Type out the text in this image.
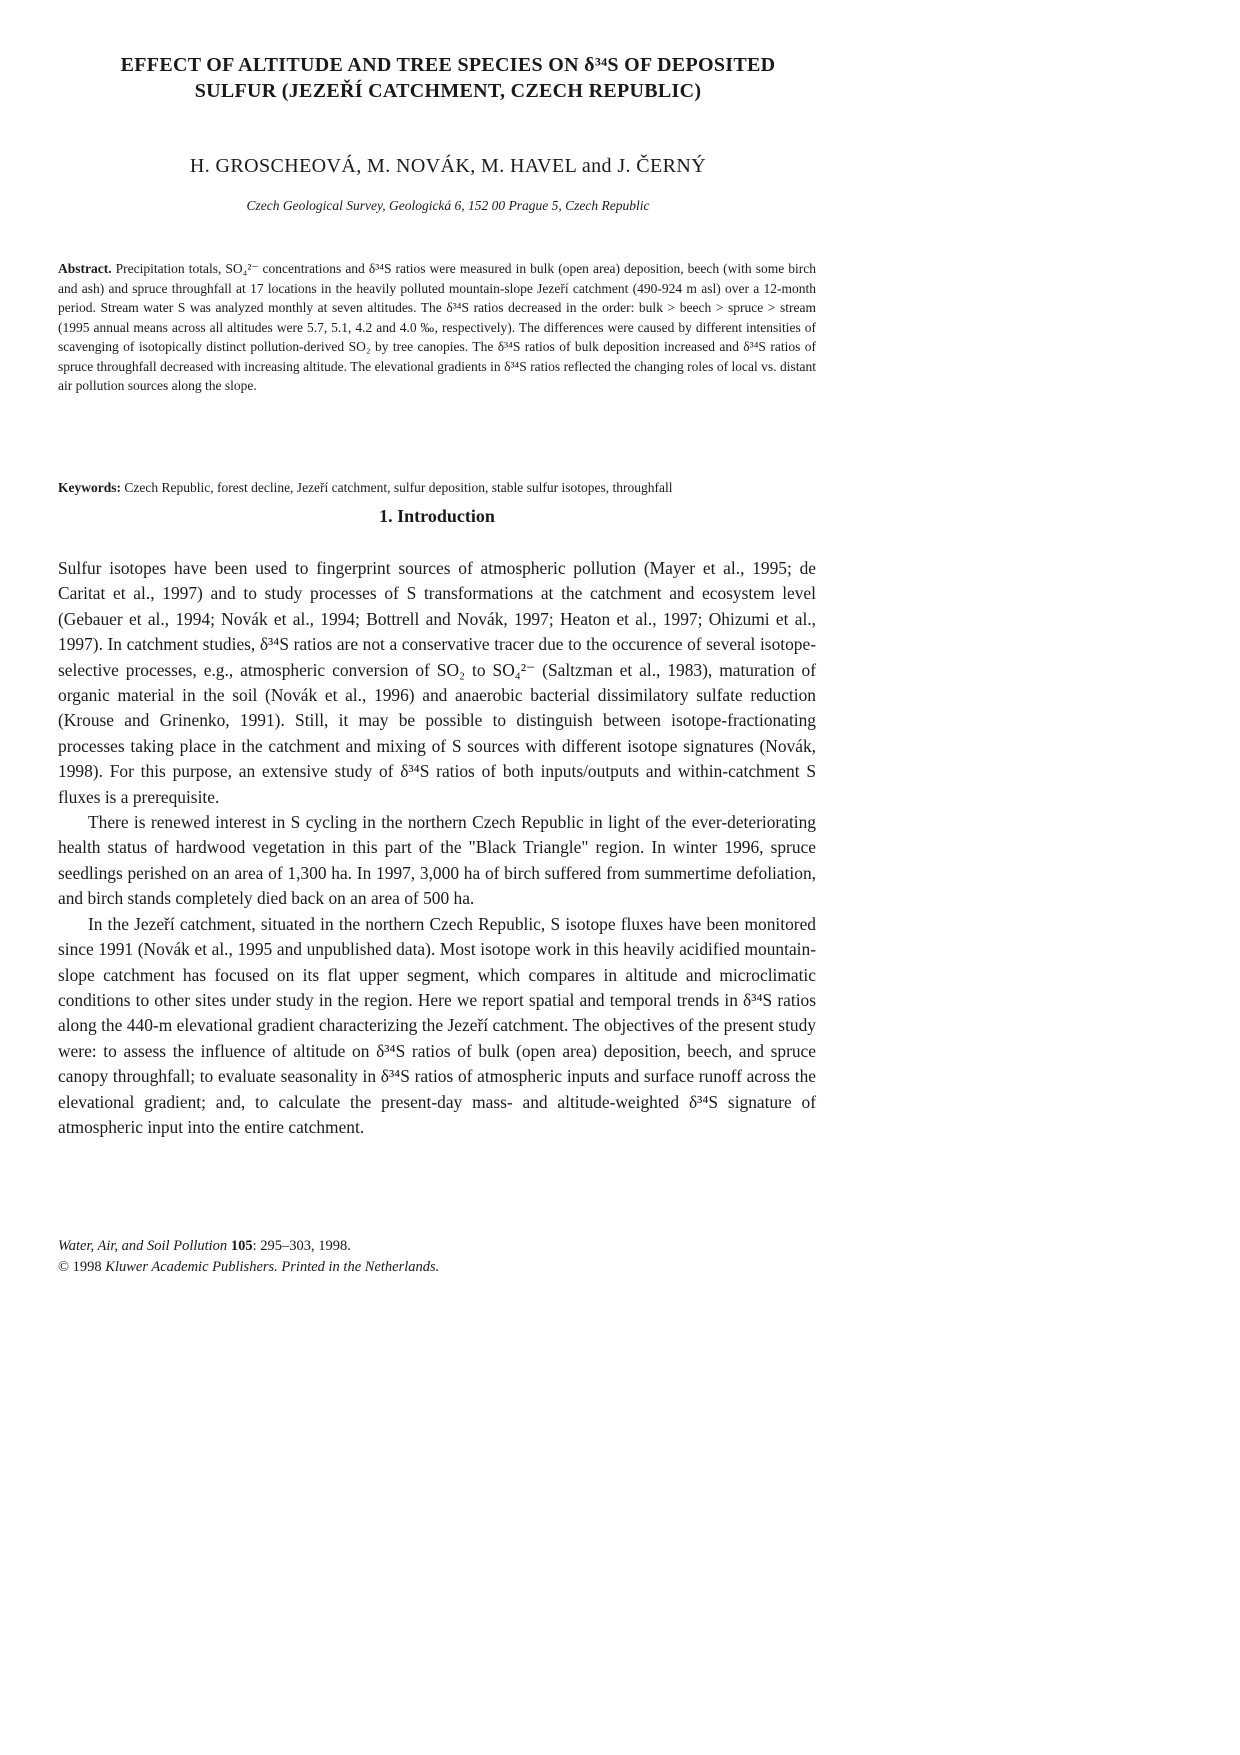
EFFECT OF ALTITUDE AND TREE SPECIES ON δ³⁴S OF DEPOSITED
SULFUR (JEZEŘÍ CATCHMENT, CZECH REPUBLIC)
H. GROSCHEOVÁ, M. NOVÁK, M. HAVEL and J. ČERNÝ
Czech Geological Survey, Geologická 6, 152 00 Prague 5, Czech Republic
Abstract. Precipitation totals, SO₄²⁻ concentrations and δ³⁴S ratios were measured in bulk (open area) deposition, beech (with some birch and ash) and spruce throughfall at 17 locations in the heavily polluted mountain-slope Jezeří catchment (490-924 m asl) over a 12-month period. Stream water S was analyzed monthly at seven altitudes. The δ³⁴S ratios decreased in the order: bulk > beech > spruce > stream (1995 annual means across all altitudes were 5.7, 5.1, 4.2 and 4.0 ‰, respectively). The differences were caused by different intensities of scavenging of isotopically distinct pollution-derived SO₂ by tree canopies. The δ³⁴S ratios of bulk deposition increased and δ³⁴S ratios of spruce throughfall decreased with increasing altitude. The elevational gradients in δ³⁴S ratios reflected the changing roles of local vs. distant air pollution sources along the slope.
Keywords: Czech Republic, forest decline, Jezeří catchment, sulfur deposition, stable sulfur isotopes, throughfall
1. Introduction

Sulfur isotopes have been used to fingerprint sources of atmospheric pollution (Mayer et al., 1995; de Caritat et al., 1997) and to study processes of S transformations at the catchment and ecosystem level (Gebauer et al., 1994; Novák et al., 1994; Bottrell and Novák, 1997; Heaton et al., 1997; Ohizumi et al., 1997). In catchment studies, δ³⁴S ratios are not a conservative tracer due to the occurence of several isotope-selective processes, e.g., atmospheric conversion of SO₂ to SO₄²⁻ (Saltzman et al., 1983), maturation of organic material in the soil (Novák et al., 1996) and anaerobic bacterial dissimilatory sulfate reduction (Krouse and Grinenko, 1991). Still, it may be possible to distinguish between isotope-fractionating processes taking place in the catchment and mixing of S sources with different isotope signatures (Novák, 1998). For this purpose, an extensive study of δ³⁴S ratios of both inputs/outputs and within-catchment S fluxes is a prerequisite.

There is renewed interest in S cycling in the northern Czech Republic in light of the ever-deteriorating health status of hardwood vegetation in this part of the "Black Triangle" region. In winter 1996, spruce seedlings perished on an area of 1,300 ha. In 1997, 3,000 ha of birch suffered from summertime defoliation, and birch stands completely died back on an area of 500 ha.

In the Jezeří catchment, situated in the northern Czech Republic, S isotope fluxes have been monitored since 1991 (Novák et al., 1995 and unpublished data). Most isotope work in this heavily acidified mountain-slope catchment has focused on its flat upper segment, which compares in altitude and microclimatic conditions to other sites under study in the region. Here we report spatial and temporal trends in δ³⁴S ratios along the 440-m elevational gradient characterizing the Jezeří catchment. The objectives of the present study were: to assess the influence of altitude on δ³⁴S ratios of bulk (open area) deposition, beech, and spruce canopy throughfall; to evaluate seasonality in δ³⁴S ratios of atmospheric inputs and surface runoff across the elevational gradient; and, to calculate the present-day mass- and altitude-weighted δ³⁴S signature of atmospheric input into the entire catchment.

Water, Air, and Soil Pollution 105: 295–303, 1998.
© 1998 Kluwer Academic Publishers. Printed in the Netherlands.
